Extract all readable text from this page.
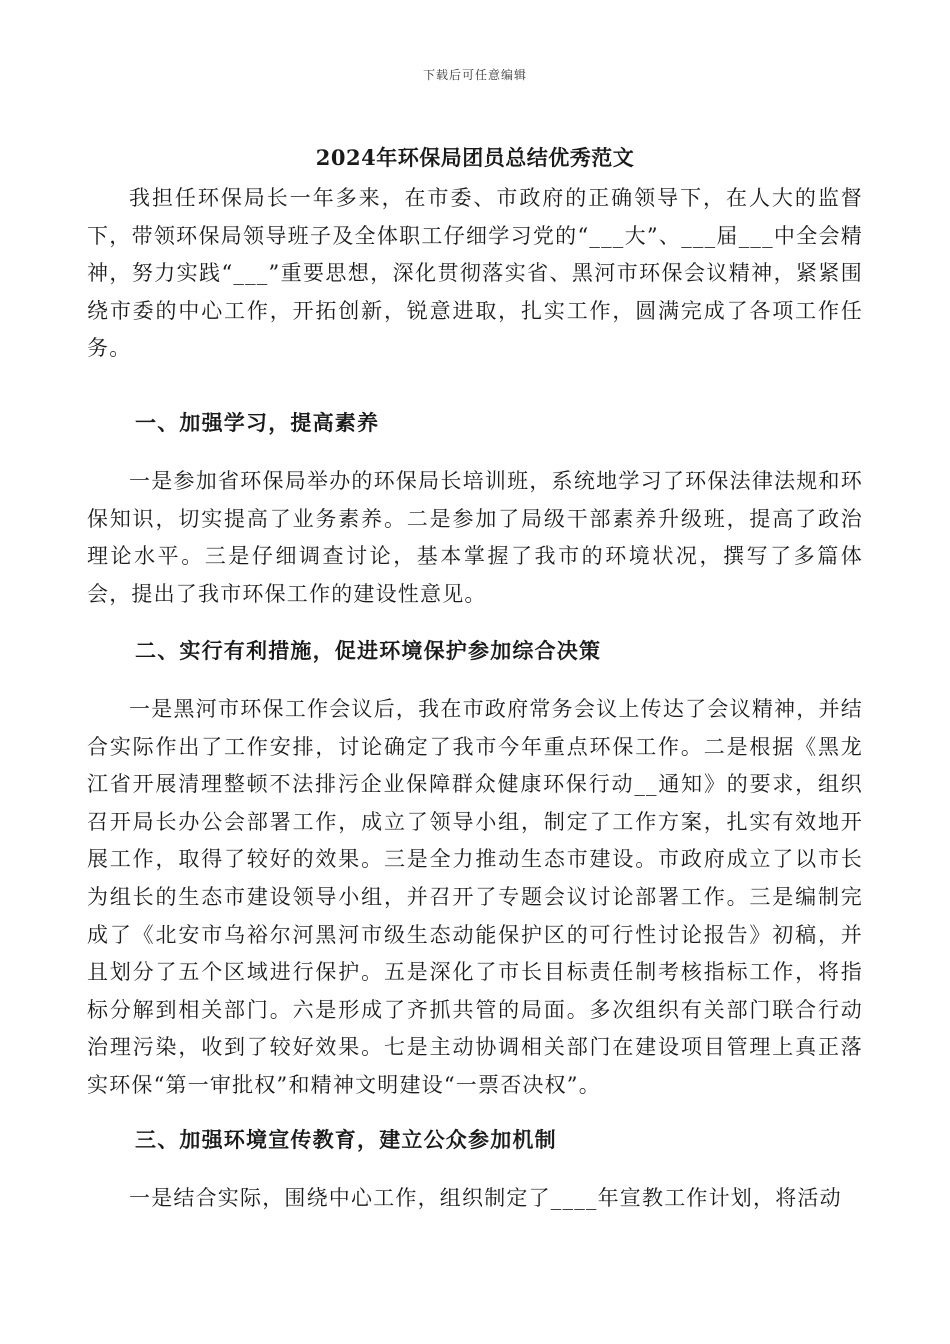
下载后可任意编辑
2024年环保局团员总结优秀范文

我担任环保局长一年多来，在市委、市政府的正确领导下，在人大的监督下，带领环保局领导班子及全体职工仔细学习党的“___大”、___届___中全会精神，努力实践“___”重要思想，深化贯彻落实省、黑河市环保会议精神，紧紧围绕市委的中心工作，开拓创新，锐意进取，扎实工作，圆满完成了各项工作任务。

一、加强学习，提高素养

一是参加省环保局举办的环保局长培训班，系统地学习了环保法律法规和环保知识，切实提高了业务素养。二是参加了局级干部素养升级班，提高了政治理论水平。三是仔细调查讨论，基本掌握了我市的环境状况，撰写了多篇体会，提出了我市环保工作的建设性意见。

二、实行有利措施，促进环境保护参加综合决策

一是黑河市环保工作会议后，我在市政府常务会议上传达了会议精神，并结合实际作出了工作安排，讨论确定了我市今年重点环保工作。二是根据《黑龙江省开展清理整顿不法排污企业保障群众健康环保行动__通知》的要求，组织召开局长办公会部署工作，成立了领导小组，制定了工作方案，扎实有效地开展工作，取得了较好的效果。三是全力推动生态市建设。市政府成立了以市长为组长的生态市建设领导小组，并召开了专题会议讨论部署工作。三是编制完成了《北安市乌裕尔河黑河市级生态动能保护区的可行性讨论报告》初稿，并且划分了五个区域进行保护。五是深化了市长目标责任制考核指标工作，将指标分解到相关部门。六是形成了齐抓共管的局面。多次组织有关部门联合行动治理污染，收到了较好效果。七是主动协调相关部门在建设项目管理上真正落实环保“第一审批权”和精神文明建设“一票否决权”。

三、加强环境宣传教育，建立公众参加机制

一是结合实际，围绕中心工作，组织制定了____年宣教工作计划，将活动
